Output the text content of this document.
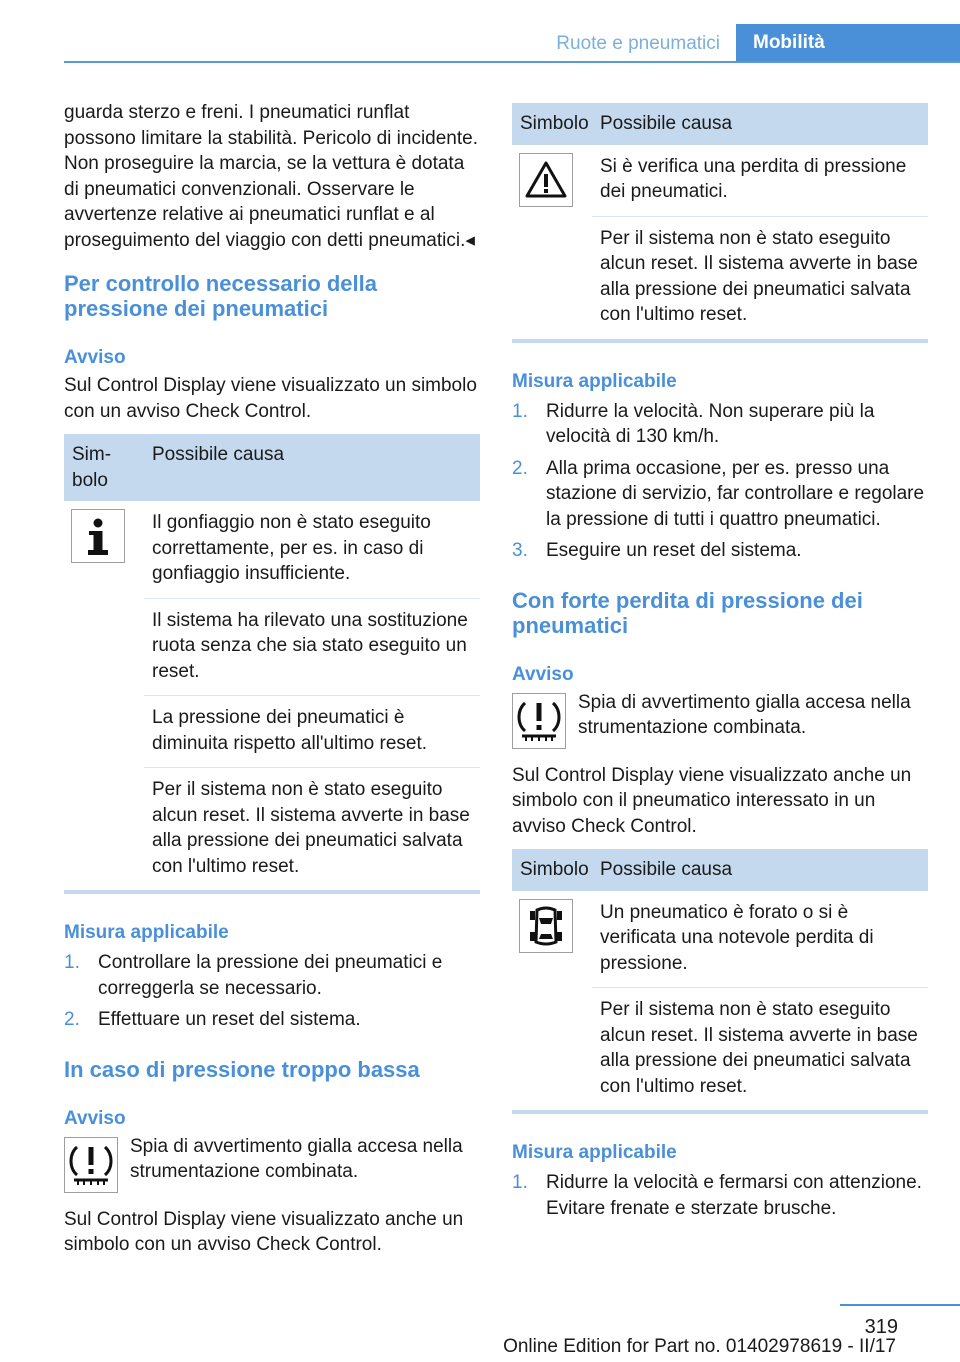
Ruote e pneumatici	Mobilità

guarda sterzo e freni. I pneumatici runflat possono limitare la stabilità. Pericolo di incidente. Non proseguire la marcia, se la vettura è dotata di pneumatici convenzionali. Osservare le avvertenze relative ai pneumatici runflat e al proseguimento del viaggio con detti pneumatici.◂

Per controllo necessario della pressione dei pneumatici
Avviso

Sul Control Display viene visualizzato un simbolo con un avviso Check Control.

Sim-bolo
Possibile causa
Il gonfiaggio non è stato eseguito correttamente, per es. in caso di gonfiaggio insufficiente.
Il sistema ha rilevato una sostituzione ruota senza che sia stato eseguito un reset.
La pressione dei pneumatici è diminuita rispetto all'ultimo reset.
Per il sistema non è stato eseguito alcun reset. Il sistema avverte in base alla pressione dei pneumatici salvata con l'ultimo reset.
Misura applicabile
1. Controllare la pressione dei pneumatici e correggerla se necessario.
2. Effettuare un reset del sistema.
In caso di pressione troppo bassa
Avviso

Spia di avvertimento gialla accesa nella strumentazione combinata.

Sul Control Display viene visualizzato anche un simbolo con un avviso Check Control.

Simbolo Possibile causa
Si è verifica una perdita di pressione dei pneumatici.
Per il sistema non è stato eseguito alcun reset. Il sistema avverte in base alla pressione dei pneumatici salvata con l'ultimo reset.
Misura applicabile
1. Ridurre la velocità. Non superare più la velocità di 130 km/h.
2. Alla prima occasione, per es. presso una stazione di servizio, far controllare e regolare la pressione di tutti i quattro pneumatici.
3. Eseguire un reset del sistema.
Con forte perdita di pressione dei pneumatici
Avviso

Spia di avvertimento gialla accesa nella strumentazione combinata.

Sul Control Display viene visualizzato anche un simbolo con il pneumatico interessato in un avviso Check Control.

Simbolo Possibile causa
Un pneumatico è forato o si è verificata una notevole perdita di pressione.
Per il sistema non è stato eseguito alcun reset. Il sistema avverte in base alla pressione dei pneumatici salvata con l'ultimo reset.
Misura applicabile
1. Ridurre la velocità e fermarsi con attenzione. Evitare frenate e sterzate brusche.
319
Online Edition for Part no. 01402978619 - II/17
